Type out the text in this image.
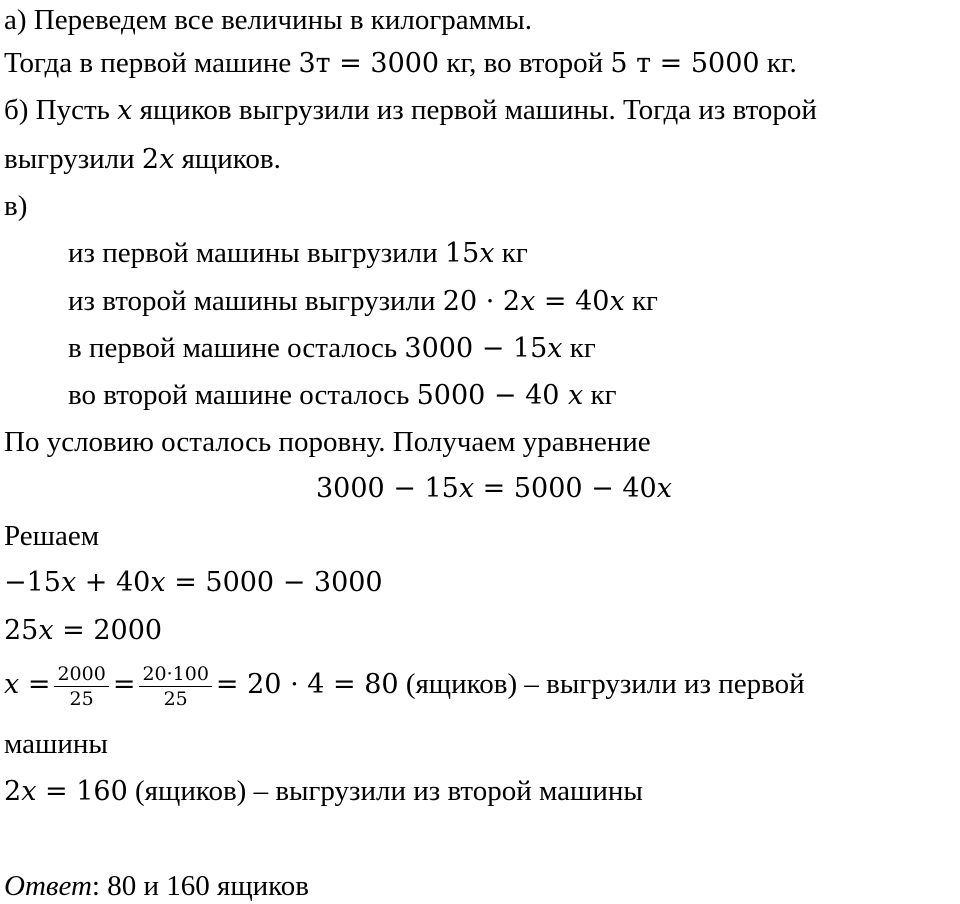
а) Переведем все величины в килограммы.
Тогда в первой машине 3т = 3000 кг, во второй 5 т = 5000 кг.
б) Пусть x ящиков выгрузили из первой машины. Тогда из второй
выгрузили 2x ящиков.
в)
из первой машины выгрузили 15x кг
из второй машины выгрузили 20 · 2x = 40x кг
в первой машине осталось 3000 − 15x кг
во второй машине осталось 5000 − 40 x кг
По условию осталось поровну. Получаем уравнение
3000 − 15x = 5000 − 40x
Решаем
−15x + 40x = 5000 − 3000
25x = 2000
$x = \frac{2000}{25} = \frac{20\cdot 100}{25} = 20 \cdot 4 = 80$ (ящиков) – выгрузили из первой
машины
2x = 160 (ящиков) – выгрузили из второй машины
Ответ: 80 и 160 ящиков
